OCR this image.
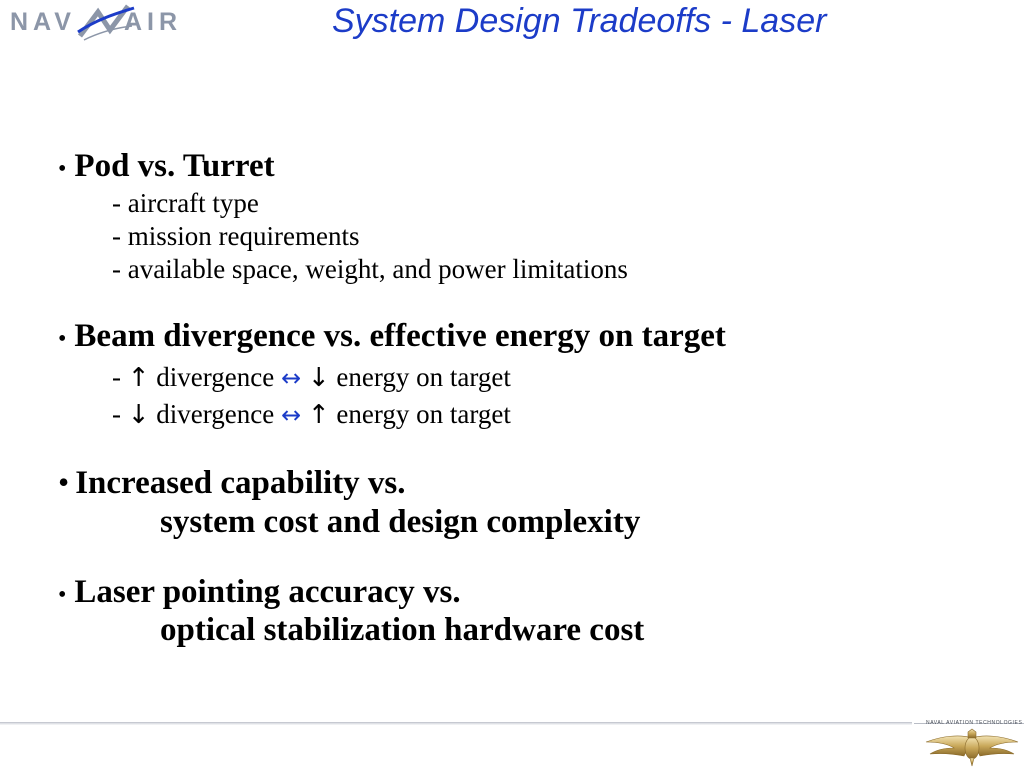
NAV AIR	System Design Tradeoffs - Laser
• Pod vs. Turret
- aircraft type
- mission requirements
- available space, weight, and power limitations
• Beam divergence vs. effective energy on target
- ↑ divergence ↔ ↓ energy on target
- ↓ divergence ↔ ↑ energy on target
• Increased capability vs.
system cost and design complexity
• Laser pointing accuracy vs.
optical stabilization hardware cost
NAVAL AVIATION TECHNOLOGIES
